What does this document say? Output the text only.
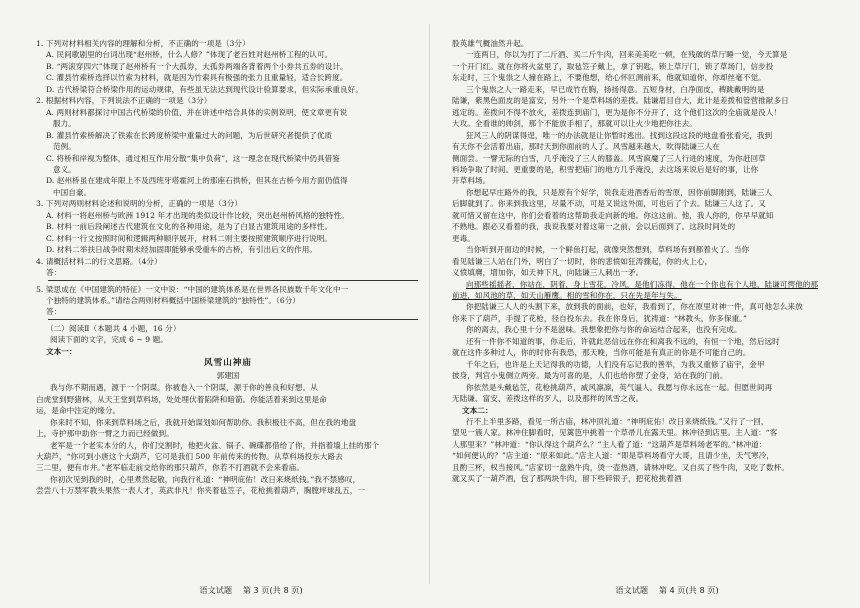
1. 下列对材料相关内容的理解和分析，不正确的一项是（3分）
A. 民间歌剧里的台词出现“赵州桥，什么人修？”体现了老百姓对赵州桥工程的认可。
B. “两滚穿四穴”体现了赵州桥有一个大孤券，大孤券两端各背着两个小券共五券的设计。
C. 灌县竹索桥选择以竹索为材料，就是因为竹索具有极强的张力且重量轻，适合长跨度。
D. 古代桥梁符合桥梁作用的运动规律，有些虽无法达到现代设计验算要求，但实际承重良好。
2. 根据材料内容，下列说法不正确的一项是（3分）
A. 两则材料都探讨中国古代桥梁的价值，并在讲述中结合具体的实例说明，使文章更有说
服力。
B. 灌县竹索桥解决了铁索在长跨度桥梁中重量过大的问题，为后世研究者提供了优质
范例。
C. 将桥和岸视为整体，通过相互作用分散“集中负荷”，这一理念在现代桥梁中仍具借鉴
意义。
D. 赵州桥虽在建成年限上不及西班牙塔霍河上的那座石拱桥，但其在古桥今用方面仍值得
中国自豪。
3. 下列对两则材料论述和说明的分析，正确的一项是（3分）
A. 材料一将赵州桥与欧洲 1912 年才出现的类似设计作比较，突出赵州桥风格的独特性。
B. 材料一前后段阐述古代建筑在文化的各种用途，是为了白显古建筑用途的多样性。
C. 材料一行文按照时间和逻辑两种顺序展开，材料二则主要按照建筑顺序进行说明。
D. 材料二举扶日战争时期未经加固即能够承受重车的古桥，有引出后文的作用。
4. 请概括材料二的行文思路。（4分）
答：
5. 梁思成在《中国建筑的特征》一文中说：“中国的建筑体系是在世界各民族数千年文化中一
个独特的建筑体系。”请结合两则材料概括中国桥梁建筑的“独特性”。（6分）
答：
（二）阅读Ⅱ（本题共 4 小题，16 分）
阅读下面的文字，完成 6 ~ 9 题。
文本一：
风雪山神庙
郭建国
我与你不期而遇，源于一个阴谋。你被卷入一个阴谋，源于你的善良和好想。从
白虎堂到野猪林，从天王堂到草料场，处处埋伏着陷阱和暗箭。你能活着来到这里是命
运，是命中注定的缘分。
你来时不知，你来到草料场之后，我就开始谋划如何帮助你。我积极往不高，但在我的地盘
上，寺护那中助你一臂之力而已经做到。
老军是一个老实本分的人，你们交割时，他把火盆、锅子、碗碟都借给了你，并指着墙上挂的那个
大葫芦，“你可到小唐这个大葫芦，它可是我们 500 年前传来的传物。从草料场投东大路去
三二里，便有市井。”老军临走前交给你的那只葫芦，你若不打酒就不会来看庙。
你初次见到我的时，心里煮然起敬，向我行礼道：“神明庇佑！改日来烧纸钱。”我不禁感叹，
尝尝八十万禁军教头果然一表人才，英武非凡！你夹着毡笠子，花枪挑着葫芦，胸膛坪球乱五，一
语文试题 第 3 页(共 8 页)
股英雄气概油然升起。
一连两日，你以为打了二斤酒、买二斤牛肉，回来美美吃一顿，在残破的草厅睡一觉，今天算是
一个开门红。就在你将火盆里了，取毡笠子戴上，拿了钥匙，锁上草厅门，锁了草场门，信步投
东走时，三个鬼祟之人撞在路上，不要他想，给心怀叵测前来，他就知道你，你却丝毫不觉。
三个鬼祟之人一路走来，早已成竹在胸，扬扬得意。五短身材，白净面皮，稗跳戴明的是
陆谦，紫黑色面皮的是富安，另外一个是草料场的差拨。陆谦眉目自大，此计是差拨和管营推献多日
逃定的。差拨问不得不放火，差拨连到庙门，更为是你不分开了，这个他们这次的全庙就是没人！
大攻。全看谁的帅剑，那个不能放手相了，那就可以让火少地把你往去。
狂风三人的阴谋得逞，唯一的办法就是让你暂时逃出。找到这段这段的地盘看张看完，我到
有天你不会活着出庙，那时天到你面前的人了。风雪越来越大，吹得陆谦三人在
侧面尝。一譬无际的白雪，几乎淹没了三人的膝盖。风雪疯魔了三人行进的速度，为你赶回草
料场争取了时间。更重要的是，积雪把庙门的地方几乎淹没，去这场来说后是好的事，让你
开草料场。
你想起早庄路外的我，只是原有个好学，说我走进酒香后的雪原，因你前脚刚到，陆谦三人
后脚就到了。你来到我这里，尽量不动，可是又说这外面，可也后了个去。陆谦三人这了。又
就可惜又留在这中，你们会看着的这帮助我走向新的地。你这这前。他，我人你的，你早早就知
不熟地。跟必又看着的我，我说我要对着这第一之前，会以后面到了。这段时间处的
更毒。
当你听到开面边的时候，一个鲜鱼打起，就像突然想到，草料场有到都着火了。当你
看见陆谦三人站在门外，明白了一切时，你的悲愤如狂涛骤起，你的火上心，
义愤填膺，增加你，如天神下凡，向陆谦三人刺出一矛。
向那些摇摇者，你站在，阴着，身上雪花，冷风，是他们冻得，他在一个你也有个人地，陆谦可愕他的那
前进，如风池的草，如天山雁鹰。相的雪和你在，只在先是年与失。
你把陆谦三人人的头割下来，放到我的面前，也好，我看到了，你在原里对神一件，真可他怎么来放
你来下了葫芦，手提了花枪，径自投东去。我在你身后，犹祷道：“林教头，你多保重。”
你的离去，我心里十分不是滋味。我想象把你与你的命运结合起来，也没有完成。
还有一件你不知道的事，你走后，许就此恶信远在你在和离我不远的，有恒一个地，然后远时
就在这件多种过人，你的时你有我恐，那天晚，当你可能是有真正的你是不可能自己的。
千年之后，也许是上天记得我的功德，人们没有忘记我的善举，为我又重修了庙宇，金甲
披身，判官小鬼侧立两旁。最为可喜的是，人们也给你塑了金身，站在我的门前。
你依然是头戴毡笠，花枪挑葫芦，威风凛凛，英气逼人。我愿与你永远在一起。但愿世间再
无陆谦、富安、差拨这样的歹人，以及那样的风雪之夜。
文本二：
行不上半里多路，看见一所古庙，林冲顶礼道：“神明庇佑！改日来烧纸钱。”又行了一回，
望见一簇人家。林冲住脚看时，见篱笆中挑着一个草帚儿在露天里。林冲径到店里。主人道：“客
人那里来？”林冲道：“你认得这个葫芦么？”主人看了道：“这葫芦是草料场老军的。”林冲道：
“如何便认的？”店主道：“原来如此。”店主人道：“即是草料场看守大哥，且请少坐，天气寒冷，
且酌三杯，权当接风。”店家切一盘熟牛肉，烫一壶热酒，请林冲吃。又自买了些牛肉，又吃了数杯。
就又买了一葫芦酒，包了那两块牛肉，留下些碎银子，把花枪挑着酒
语文试题 第 4 页(共 8 页)
